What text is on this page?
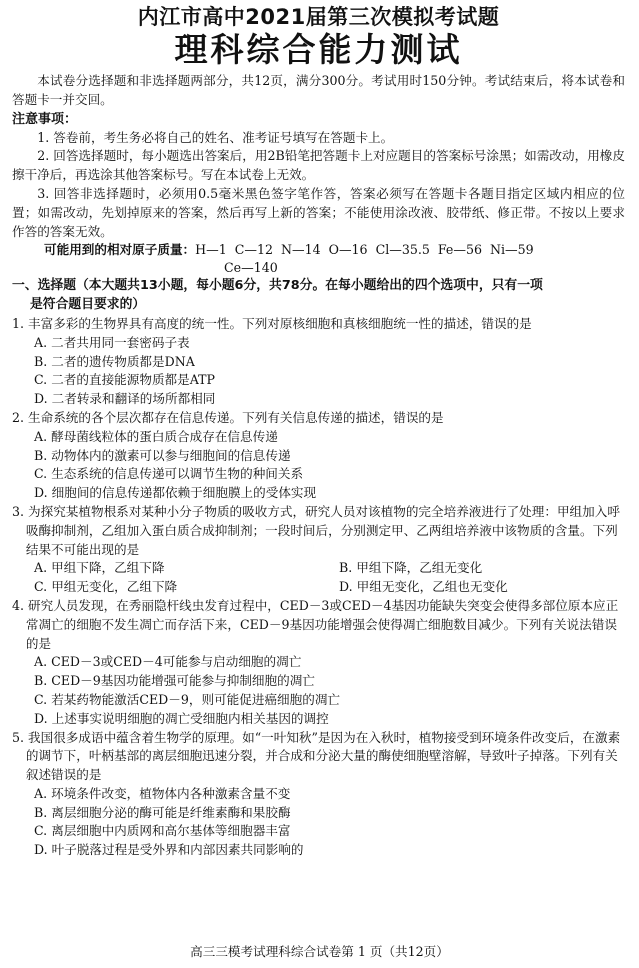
内江市高中2021届第三次模拟考试题
理科综合能力测试

本试卷分选择题和非选择题两部分，共12页，满分300分。考试用时150分钟。考试结束后，将本试卷和答题卡一并交回。

注意事项：

1. 答卷前，考生务必将自己的姓名、准考证号填写在答题卡上。

2. 回答选择题时，每小题选出答案后，用2B铅笔把答题卡上对应题目的答案标号涂黑；如需改动，用橡皮擦干净后，再选涂其他答案标号。写在本试卷上无效。

3. 回答非选择题时，必须用0.5毫米黑色签字笔作答，答案必须写在答题卡各题目指定区域内相应的位置；如需改动，先划掉原来的答案，然后再写上新的答案；不能使用涂改液、胶带纸、修正带。不按以上要求作答的答案无效。

可能用到的相对原子质量：H—1  C—12  N—14  O—16  Cl—35.5  Fe—56  Ni—59
Ce—140
一、选择题（本大题共13小题，每小题6分，共78分。在每小题给出的四个选项中，只有一项
是符合题目要求的）

1. 丰富多彩的生物界具有高度的统一性。下列对原核细胞和真核细胞统一性的描述，错误的是

A. 二者共用同一套密码子表

B. 二者的遗传物质都是DNA

C. 二者的直接能源物质都是ATP

D. 二者转录和翻译的场所都相同

2. 生命系统的各个层次都存在信息传递。下列有关信息传递的描述，错误的是

A. 酵母菌线粒体的蛋白质合成存在信息传递

B. 动物体内的激素可以参与细胞间的信息传递

C. 生态系统的信息传递可以调节生物的种间关系

D. 细胞间的信息传递都依赖于细胞膜上的受体实现

3. 为探究某植物根系对某种小分子物质的吸收方式，研究人员对该植物的完全培养液进行了处理：甲组加入呼吸酶抑制剂，乙组加入蛋白质合成抑制剂；一段时间后，分别测定甲、乙两组培养液中该物质的含量。下列结果不可能出现的是

A. 甲组下降，乙组下降	B. 甲组下降，乙组无变化
C. 甲组无变化，乙组下降	D. 甲组无变化，乙组也无变化

4. 研究人员发现，在秀丽隐杆线虫发育过程中，CED－3或CED－4基因功能缺失突变会使得多部位原本应正常凋亡的细胞不发生凋亡而存活下来，CED－9基因功能增强会使得凋亡细胞数目减少。下列有关说法错误的是

A. CED－3或CED－4可能参与启动细胞的凋亡

B. CED－9基因功能增强可能参与抑制细胞的凋亡

C. 若某药物能激活CED－9，则可能促进癌细胞的凋亡

D. 上述事实说明细胞的凋亡受细胞内相关基因的调控

5. 我国很多成语中蕴含着生物学的原理。如“一叶知秋”是因为在入秋时，植物接受到环境条件改变后，在激素的调节下，叶柄基部的离层细胞迅速分裂，并合成和分泌大量的酶使细胞壁溶解，导致叶子掉落。下列有关叙述错误的是

A. 环境条件改变，植物体内各种激素含量不变

B. 离层细胞分泌的酶可能是纤维素酶和果胶酶

C. 离层细胞中内质网和高尔基体等细胞器丰富

D. 叶子脱落过程是受外界和内部因素共同影响的

高三三模考试理科综合试卷第 1 页（共12页）
